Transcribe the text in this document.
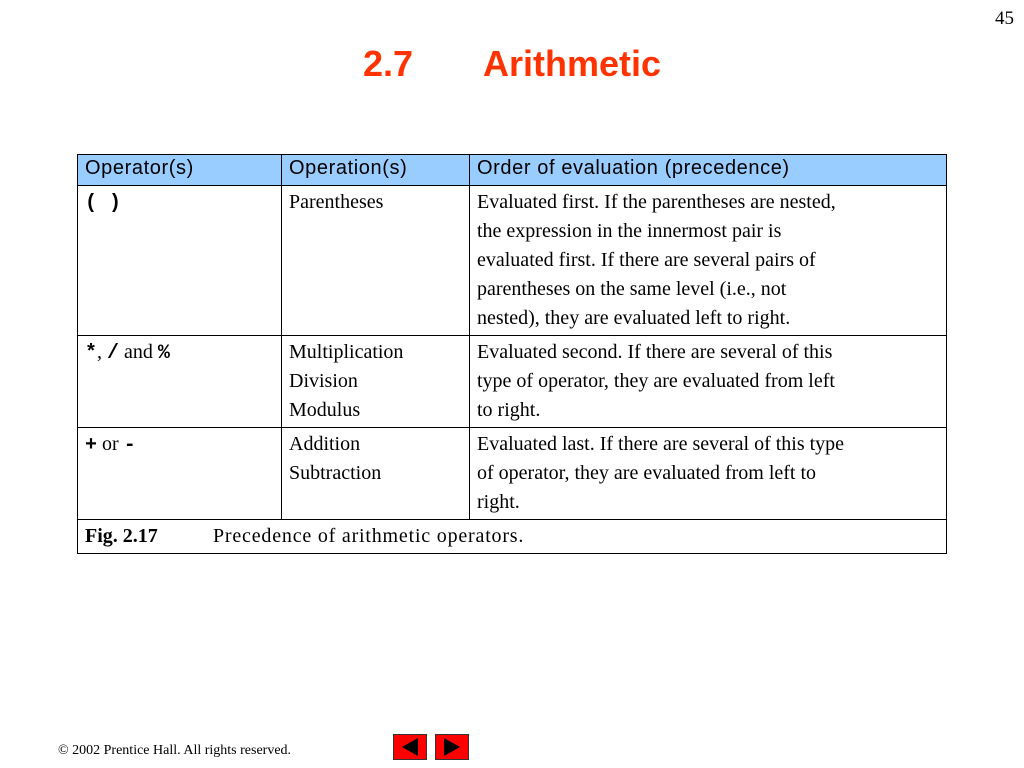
45
2.7 Arithmetic
Operator(s)	Operation(s)	Order of evaluation (precedence)
( )	Parentheses	Evaluated first. If the parentheses are nested,
the expression in the innermost pair is
evaluated first. If there are several pairs of
parentheses on the same level (i.e., not
nested), they are evaluated left to right.

*, / and %	Multiplication
Division
Modulus	Evaluated second. If there are several of this
type of operator, they are evaluated from left
to right.

+ or -	Addition
Subtraction	Evaluated last. If there are several of this type
of operator, they are evaluated from left to
right.

Fig. 2.17 Precedence of arithmetic operators.		
© 2002 Prentice Hall. All rights reserved.
